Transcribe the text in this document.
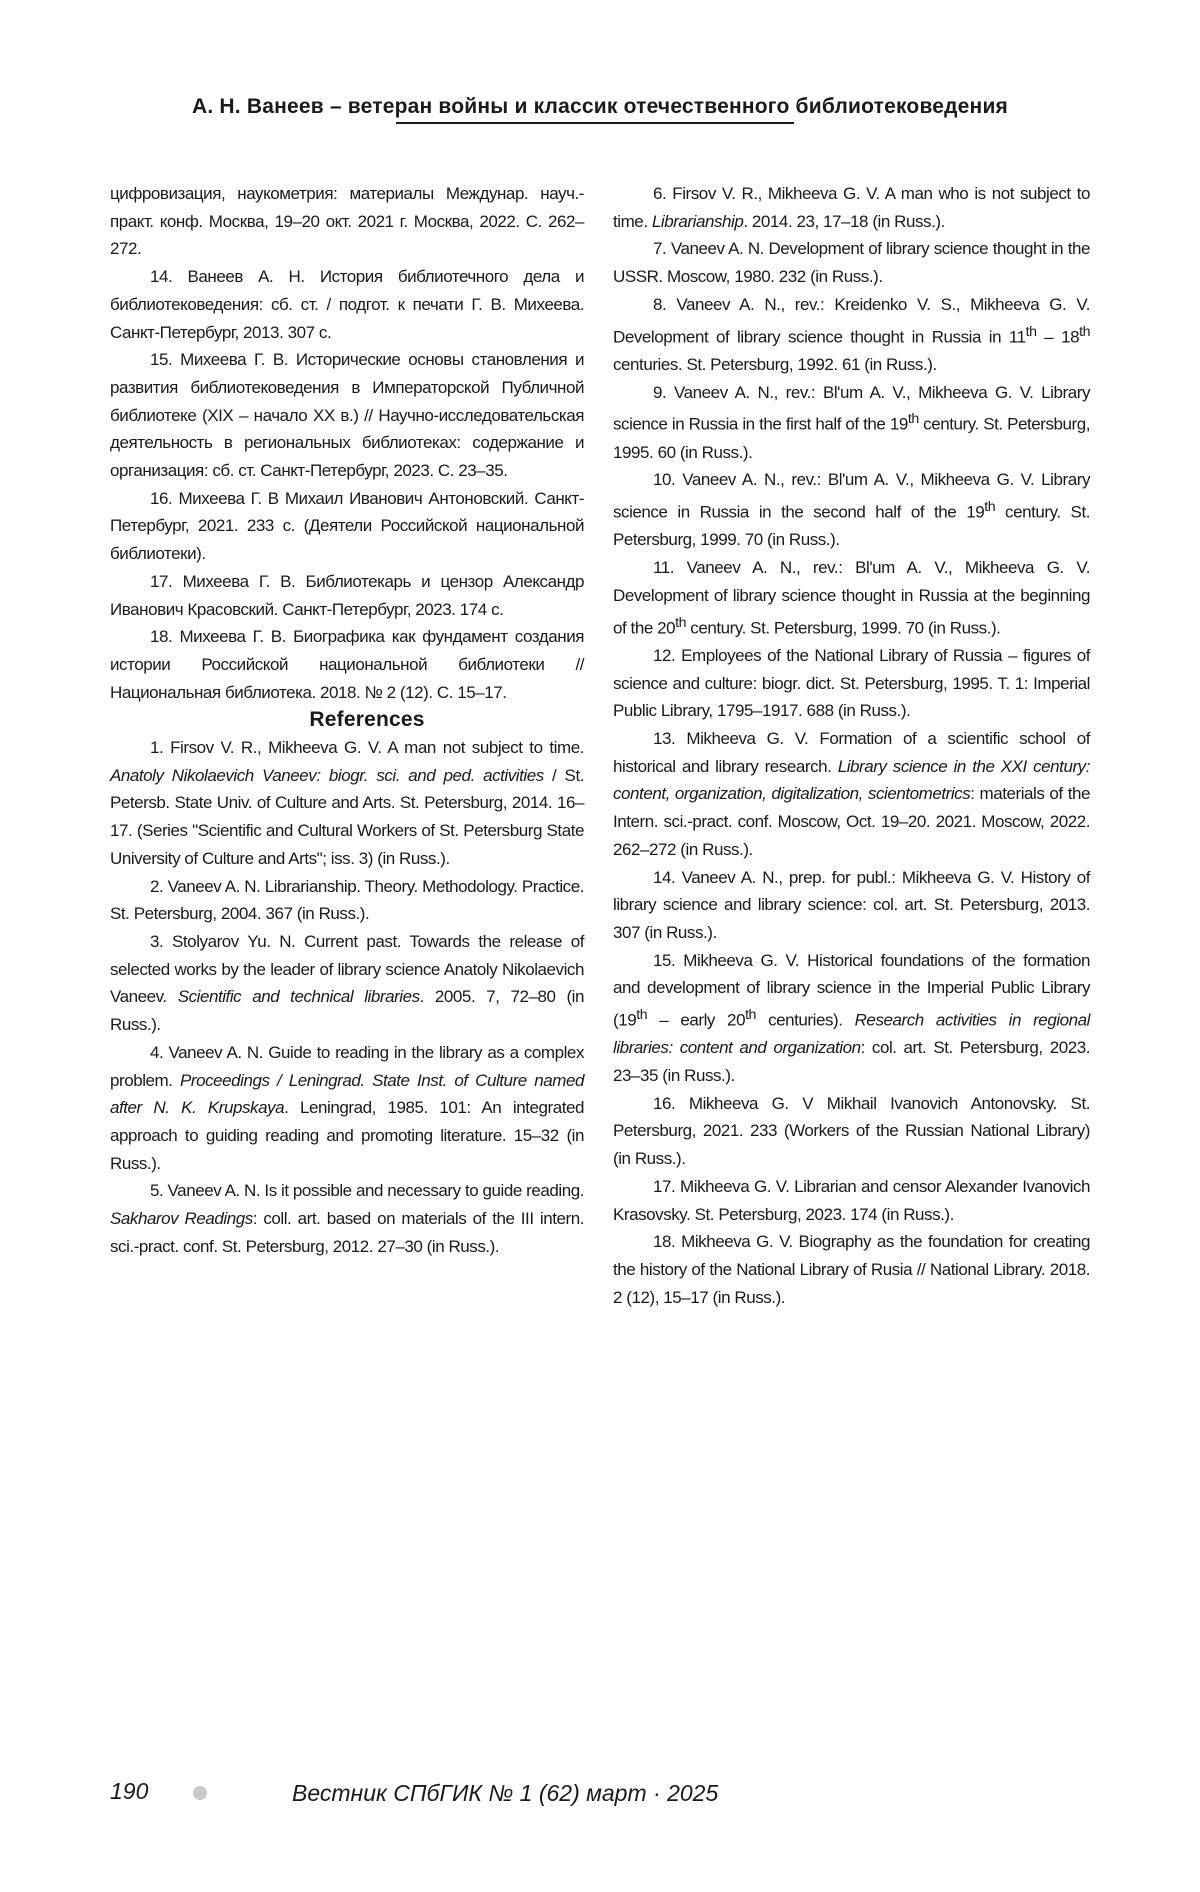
А. Н. Ванеев – ветеран войны и классик отечественного библиотековедения

цифровизация, наукометрия: материалы Междунар. науч.-практ. конф. Москва, 19–20 окт. 2021 г. Москва, 2022. С. 262–272.

14. Ванеев А. Н. История библиотечного дела и библиотековедения: сб. ст. / подгот. к печати Г. В. Михеева. Санкт-Петербург, 2013. 307 с.

15. Михеева Г. В. Исторические основы становления и развития библиотековедения в Императорской Публичной библиотеке (XIX – начало XX в.) // Научно-исследовательская деятельность в региональных библиотеках: содержание и организация: сб. ст. Санкт-Петербург, 2023. С. 23–35.

16. Михеева Г. В Михаил Иванович Антоновский. Санкт-Петербург, 2021. 233 с. (Деятели Российской национальной библиотеки).

17. Михеева Г. В. Библиотекарь и цензор Александр Иванович Красовский. Санкт-Петербург, 2023. 174 с.

18. Михеева Г. В. Биографика как фундамент создания истории Российской национальной библиотеки // Национальная библиотека. 2018. № 2 (12). С. 15–17.

References

1. Firsov V. R., Mikheeva G. V. A man not subject to time. Anatoly Nikolaevich Vaneev: biogr. sci. and ped. activities / St. Petersb. State Univ. of Culture and Arts. St. Petersburg, 2014. 16–17. (Series "Scientific and Cultural Workers of St. Petersburg State University of Culture and Arts"; iss. 3) (in Russ.).

2. Vaneev A. N. Librarianship. Theory. Methodology. Practice. St. Petersburg, 2004. 367 (in Russ.).

3. Stolyarov Yu. N. Current past. Towards the release of selected works by the leader of library science Anatoly Nikolaevich Vaneev. Scientific and technical libraries. 2005. 7, 72–80 (in Russ.).

4. Vaneev A. N. Guide to reading in the library as a complex problem. Proceedings / Leningrad. State Inst. of Culture named after N. K. Krupskaya. Leningrad, 1985. 101: An integrated approach to guiding reading and promoting literature. 15–32 (in Russ.).

5. Vaneev A. N. Is it possible and necessary to guide reading. Sakharov Readings: coll. art. based on materials of the III intern. sci.-pract. conf. St. Petersburg, 2012. 27–30 (in Russ.).

6. Firsov V. R., Mikheeva G. V. A man who is not subject to time. Librarianship. 2014. 23, 17–18 (in Russ.).

7. Vaneev A. N. Development of library science thought in the USSR. Moscow, 1980. 232 (in Russ.).

8. Vaneev A. N., rev.: Kreidenko V. S., Mikheeva G. V. Development of library science thought in Russia in 11th – 18th centuries. St. Petersburg, 1992. 61 (in Russ.).

9. Vaneev A. N., rev.: Bl'um A. V., Mikheeva G. V. Library science in Russia in the first half of the 19th century. St. Petersburg, 1995. 60 (in Russ.).

10. Vaneev A. N., rev.: Bl'um A. V., Mikheeva G. V. Library science in Russia in the second half of the 19th century. St. Petersburg, 1999. 70 (in Russ.).

11. Vaneev A. N., rev.: Bl'um A. V., Mikheeva G. V. Development of library science thought in Russia at the beginning of the 20th century. St. Petersburg, 1999. 70 (in Russ.).

12. Employees of the National Library of Russia – figures of science and culture: biogr. dict. St. Petersburg, 1995. T. 1: Imperial Public Library, 1795–1917. 688 (in Russ.).

13. Mikheeva G. V. Formation of a scientific school of historical and library research. Library science in the XXI century: content, organization, digitalization, scientometrics: materials of the Intern. sci.-pract. conf. Moscow, Oct. 19–20. 2021. Moscow, 2022. 262–272 (in Russ.).

14. Vaneev A. N., prep. for publ.: Mikheeva G. V. History of library science and library science: col. art. St. Petersburg, 2013. 307 (in Russ.).

15. Mikheeva G. V. Historical foundations of the formation and development of library science in the Imperial Public Library (19th – early 20th centuries). Research activities in regional libraries: content and organization: col. art. St. Petersburg, 2023. 23–35 (in Russ.).

16. Mikheeva G. V Mikhail Ivanovich Antonovsky. St. Petersburg, 2021. 233 (Workers of the Russian National Library) (in Russ.).

17. Mikheeva G. V. Librarian and censor Alexander Ivanovich Krasovsky. St. Petersburg, 2023. 174 (in Russ.).

18. Mikheeva G. V. Biography as the foundation for creating the history of the National Library of Rusia // National Library. 2018. 2 (12), 15–17 (in Russ.).

190	Вестник СПбГИК № 1 (62) март · 2025
